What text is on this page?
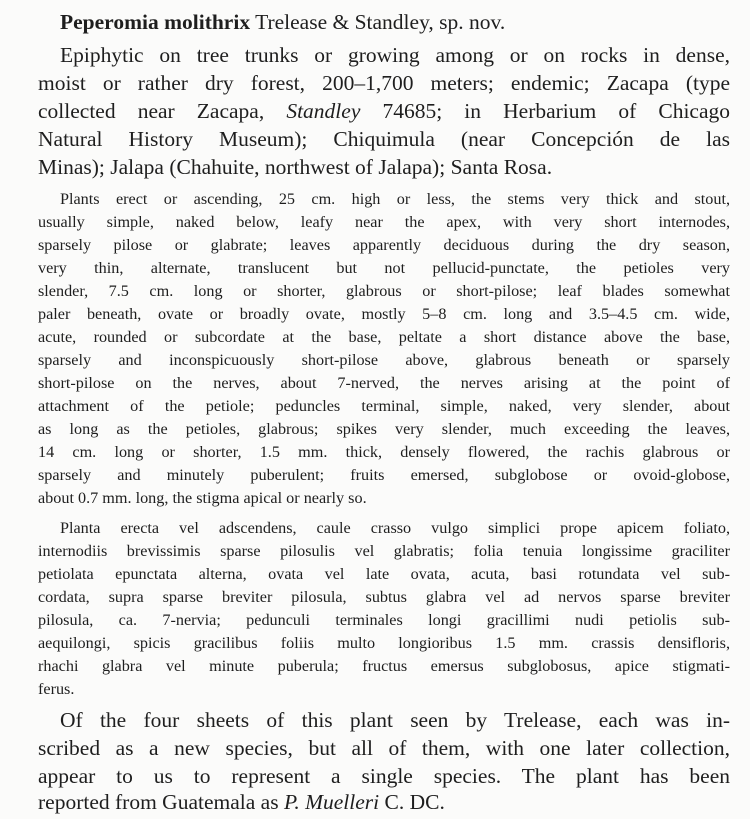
Peperomia molithrix Trelease & Standley, sp. nov.
Epiphytic on tree trunks or growing among or on rocks in dense,
moist or rather dry forest, 200–1,700 meters; endemic; Zacapa (type
collected near Zacapa, Standley 74685; in Herbarium of Chicago
Natural History Museum); Chiquimula (near Concepción de las
Minas); Jalapa (Chahuite, northwest of Jalapa); Santa Rosa.
Plants erect or ascending, 25 cm. high or less, the stems very thick and stout,
usually simple, naked below, leafy near the apex, with very short internodes,
sparsely pilose or glabrate; leaves apparently deciduous during the dry season,
very thin, alternate, translucent but not pellucid-punctate, the petioles very
slender, 7.5 cm. long or shorter, glabrous or short-pilose; leaf blades somewhat
paler beneath, ovate or broadly ovate, mostly 5–8 cm. long and 3.5–4.5 cm. wide,
acute, rounded or subcordate at the base, peltate a short distance above the base,
sparsely and inconspicuously short-pilose above, glabrous beneath or sparsely
short-pilose on the nerves, about 7-nerved, the nerves arising at the point of
attachment of the petiole; peduncles terminal, simple, naked, very slender, about
as long as the petioles, glabrous; spikes very slender, much exceeding the leaves,
14 cm. long or shorter, 1.5 mm. thick, densely flowered, the rachis glabrous or
sparsely and minutely puberulent; fruits emersed, subglobose or ovoid-globose,
about 0.7 mm. long, the stigma apical or nearly so.
Planta erecta vel adscendens, caule crasso vulgo simplici prope apicem foliato,
internodiis brevissimis sparse pilosulis vel glabratis; folia tenuia longissime graciliter
petiolata epunctata alterna, ovata vel late ovata, acuta, basi rotundata vel sub-
cordata, supra sparse breviter pilosula, subtus glabra vel ad nervos sparse breviter
pilosula, ca. 7-nervia; pedunculi terminales longi gracillimi nudi petiolis sub-
aequilongi, spicis gracilibus foliis multo longioribus 1.5 mm. crassis densifloris,
rhachi glabra vel minute puberula; fructus emersus subglobosus, apice stigmati-
ferus.
Of the four sheets of this plant seen by Trelease, each was in-
scribed as a new species, but all of them, with one later collection,
appear to us to represent a single species. The plant has been
reported from Guatemala as P. Muelleri C. DC.
